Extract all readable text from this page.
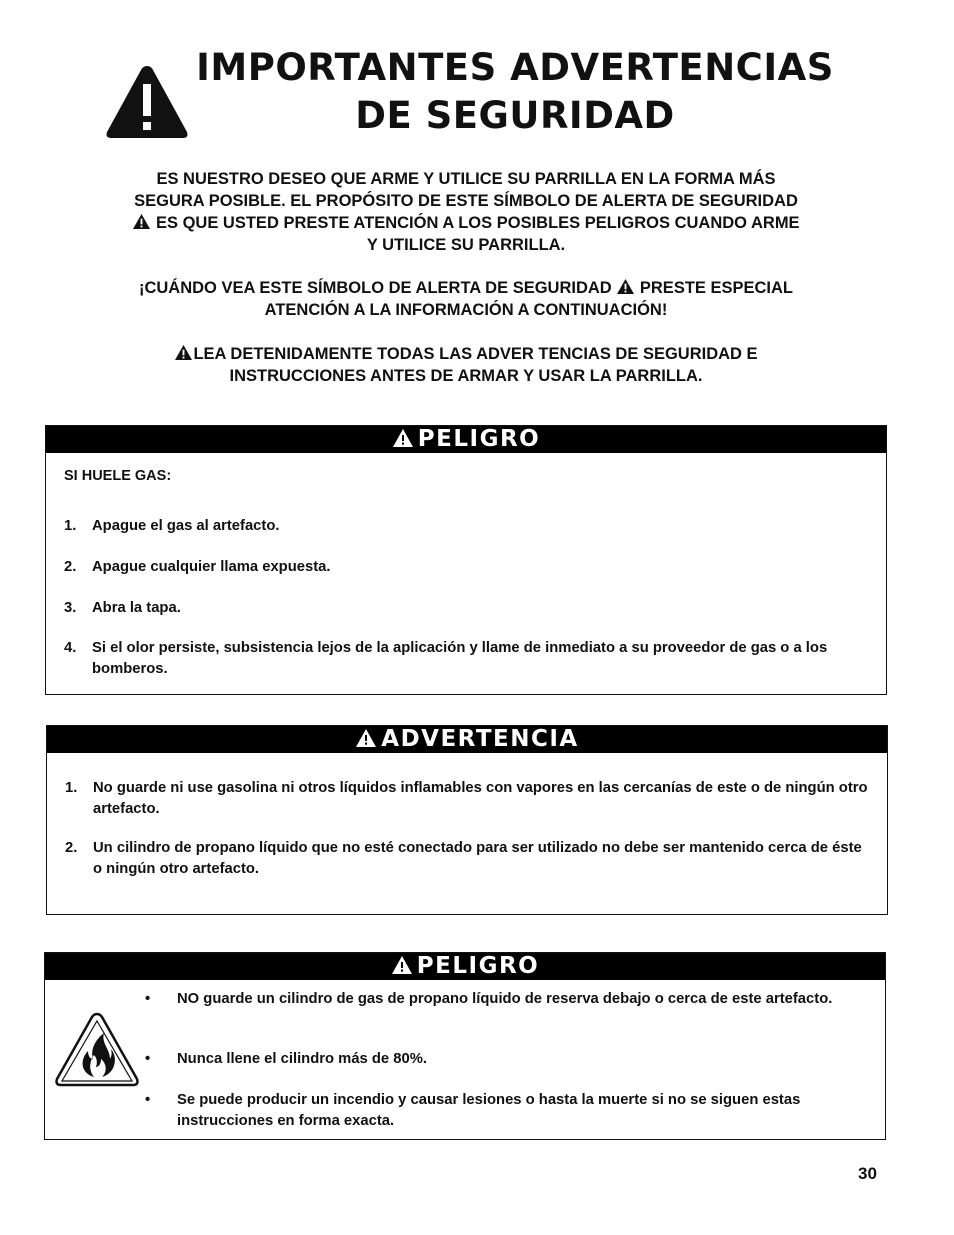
IMPORTANTES ADVERTENCIAS
DE SEGURIDAD
ES NUESTRO DESEO QUE ARME Y UTILICE SU PARRILLA EN LA FORMA MÁS
SEGURA POSIBLE. EL PROPÓSITO DE ESTE SÍMBOLO DE ALERTA DE SEGURIDAD
ES QUE USTED PRESTE ATENCIÓN A LOS POSIBLES PELIGROS CUANDO ARME
Y UTILICE SU PARRILLA.
¡CUÁNDO VEA ESTE SÍMBOLO DE ALERTA DE SEGURIDAD PRESTE ESPECIAL
ATENCIÓN A LA INFORMACIÓN A CONTINUACIÓN!
LEA DETENIDAMENTE TODAS LAS ADVER TENCIAS DE SEGURIDAD E
INSTRUCCIONES ANTES DE ARMAR Y USAR LA PARRILLA.
PELIGRO
SI HUELE GAS:
1. Apague el gas al artefacto.
2. Apague cualquier llama expuesta.
3. Abra la tapa.
4. Si el olor persiste, subsistencia lejos de la aplicación y llame de inmediato a su proveedor de gas o a los bomberos.
ADVERTENCIA
1. No guarde ni use gasolina ni otros líquidos inflamables con vapores en las cercanías de este o de ningún otro artefacto.
2. Un cilindro de propano líquido que no esté conectado para ser utilizado no debe ser mantenido cerca de éste o ningún otro artefacto.
PELIGRO
• NO guarde un cilindro de gas de propano líquido de reserva debajo o cerca de este artefacto.
• Nunca llene el cilindro más de 80%.
• Se puede producir un incendio y causar lesiones o hasta la muerte si no se siguen estas instrucciones en forma exacta.
30
